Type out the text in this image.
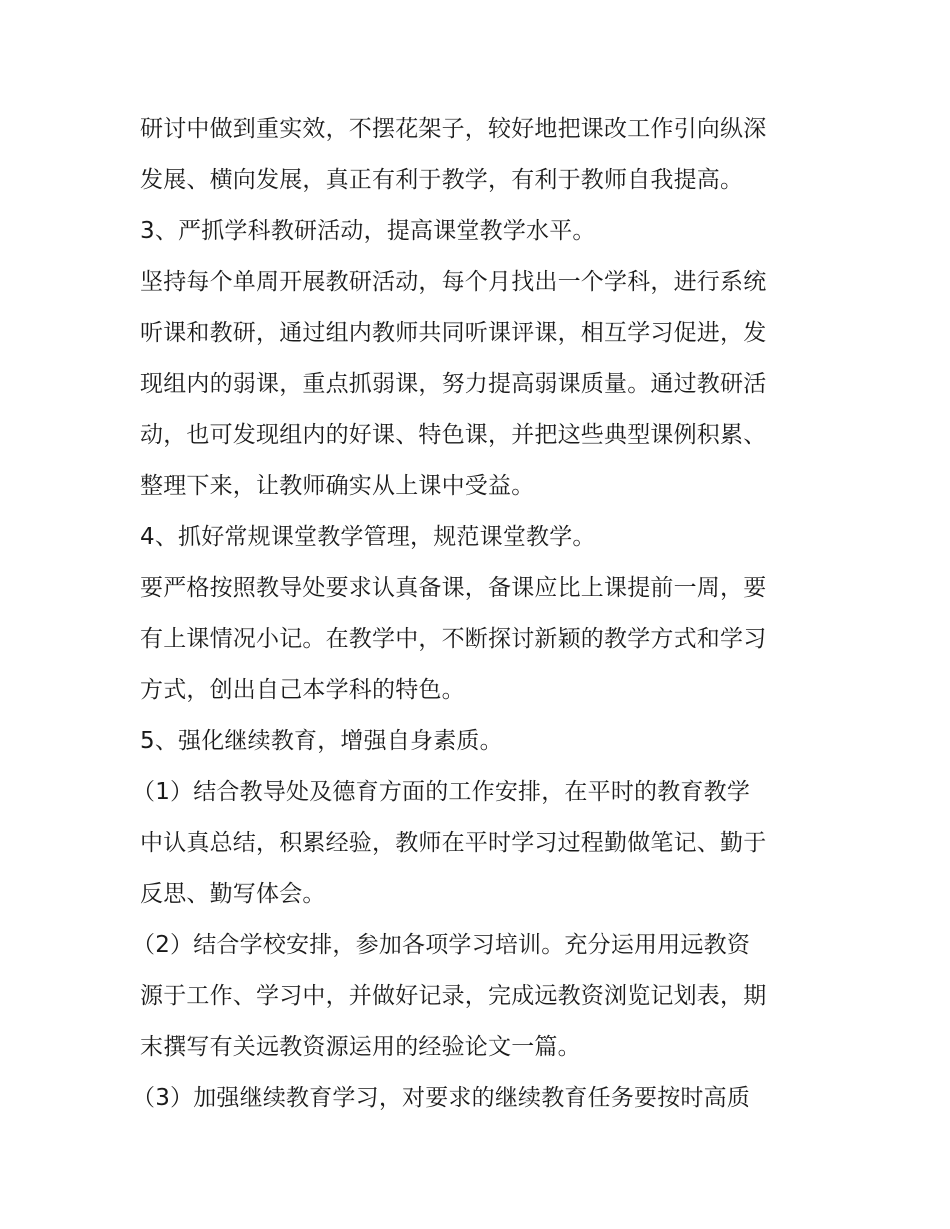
研讨中做到重实效，不摆花架子，较好地把课改工作引向纵深
发展、横向发展，真正有利于教学，有利于教师自我提高。
3、严抓学科教研活动，提高课堂教学水平。
坚持每个单周开展教研活动，每个月找出一个学科，进行系统
听课和教研，通过组内教师共同听课评课，相互学习促进，发
现组内的弱课，重点抓弱课，努力提高弱课质量。通过教研活
动，也可发现组内的好课、特色课，并把这些典型课例积累、
整理下来，让教师确实从上课中受益。
4、抓好常规课堂教学管理，规范课堂教学。
要严格按照教导处要求认真备课，备课应比上课提前一周，要
有上课情况小记。在教学中，不断探讨新颖的教学方式和学习
方式，创出自己本学科的特色。
5、强化继续教育，增强自身素质。
（1）结合教导处及德育方面的工作安排，在平时的教育教学
中认真总结，积累经验，教师在平时学习过程勤做笔记、勤于
反思、勤写体会。
（2）结合学校安排，参加各项学习培训。充分运用用远教资
源于工作、学习中，并做好记录，完成远教资浏览记划表，期
末撰写有关远教资源运用的经验论文一篇。
（3）加强继续教育学习，对要求的继续教育任务要按时高质
